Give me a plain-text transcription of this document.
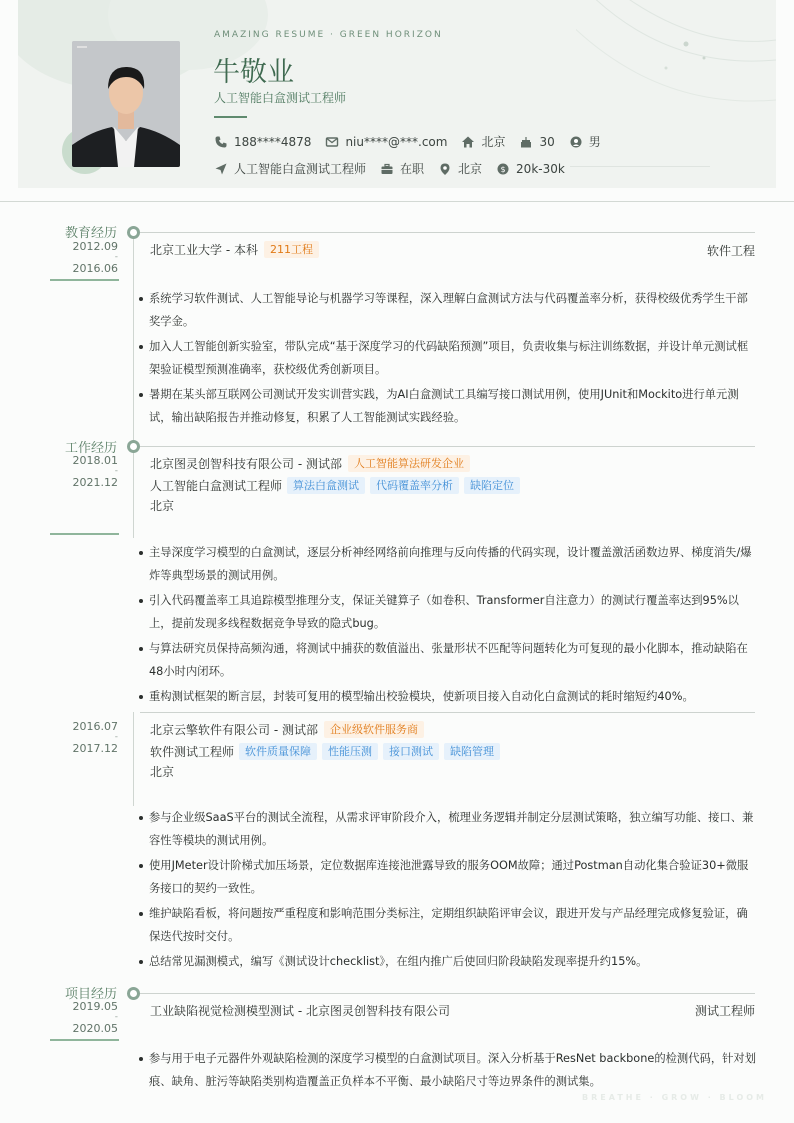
AMAZING RESUME · GREEN HORIZON
牛敬业
人工智能白盒测试工程师
188****4878	niu****@***.com	北京	30	男
人工智能白盒测试工程师	在职	北京 $ 20k-30k
教育经历
2012.09
-
2016.06
北京工业大学 - 本科	211工程	软件工程
系统学习软件测试、人工智能导论与机器学习等课程，深入理解白盒测试方法与代码覆盖率分析，获得校级优秀学生干部奖学金。
加入人工智能创新实验室，带队完成“基于深度学习的代码缺陷预测”项目，负责收集与标注训练数据，并设计单元测试框架验证模型预测准确率，获校级优秀创新项目。
暑期在某头部互联网公司测试开发实训营实践，为AI白盒测试工具编写接口测试用例，使用JUnit和Mockito进行单元测试，输出缺陷报告并推动修复，积累了人工智能测试实践经验。
工作经历
2018.01
-
2021.12
北京图灵创智科技有限公司 - 测试部	人工智能算法研发企业
人工智能白盒测试工程师	算法白盒测试	代码覆盖率分析	缺陷定位
北京
主导深度学习模型的白盒测试，逐层分析神经网络前向推理与反向传播的代码实现，设计覆盖激活函数边界、梯度消失/爆炸等典型场景的测试用例。
引入代码覆盖率工具追踪模型推理分支，保证关键算子（如卷积、Transformer自注意力）的测试行覆盖率达到95%以上，提前发现多线程数据竞争导致的隐式bug。
与算法研究员保持高频沟通，将测试中捕获的数值溢出、张量形状不匹配等问题转化为可复现的最小化脚本，推动缺陷在48小时内闭环。
重构测试框架的断言层，封装可复用的模型输出校验模块，使新项目接入自动化白盒测试的耗时缩短约40%。
2016.07
-
2017.12
北京云擎软件有限公司 - 测试部	企业级软件服务商
软件测试工程师	软件质量保障	性能压测	接口测试	缺陷管理
北京
参与企业级SaaS平台的测试全流程，从需求评审阶段介入，梳理业务逻辑并制定分层测试策略，独立编写功能、接口、兼容性等模块的测试用例。
使用JMeter设计阶梯式加压场景，定位数据库连接池泄露导致的服务OOM故障；通过Postman自动化集合验证30+微服务接口的契约一致性。
维护缺陷看板，将问题按严重程度和影响范围分类标注，定期组织缺陷评审会议，跟进开发与产品经理完成修复验证，确保迭代按时交付。
总结常见漏测模式，编写《测试设计checklist》，在组内推广后使回归阶段缺陷发现率提升约15%。
项目经历
2019.05
-
2020.05
工业缺陷视觉检测模型测试 - 北京图灵创智科技有限公司	测试工程师
参与用于电子元器件外观缺陷检测的深度学习模型的白盒测试项目。深入分析基于ResNet backbone的检测代码，针对划痕、缺角、脏污等缺陷类别构造覆盖正负样本不平衡、最小缺陷尺寸等边界条件的测试集。
BREATHE · GROW · BLOOM
